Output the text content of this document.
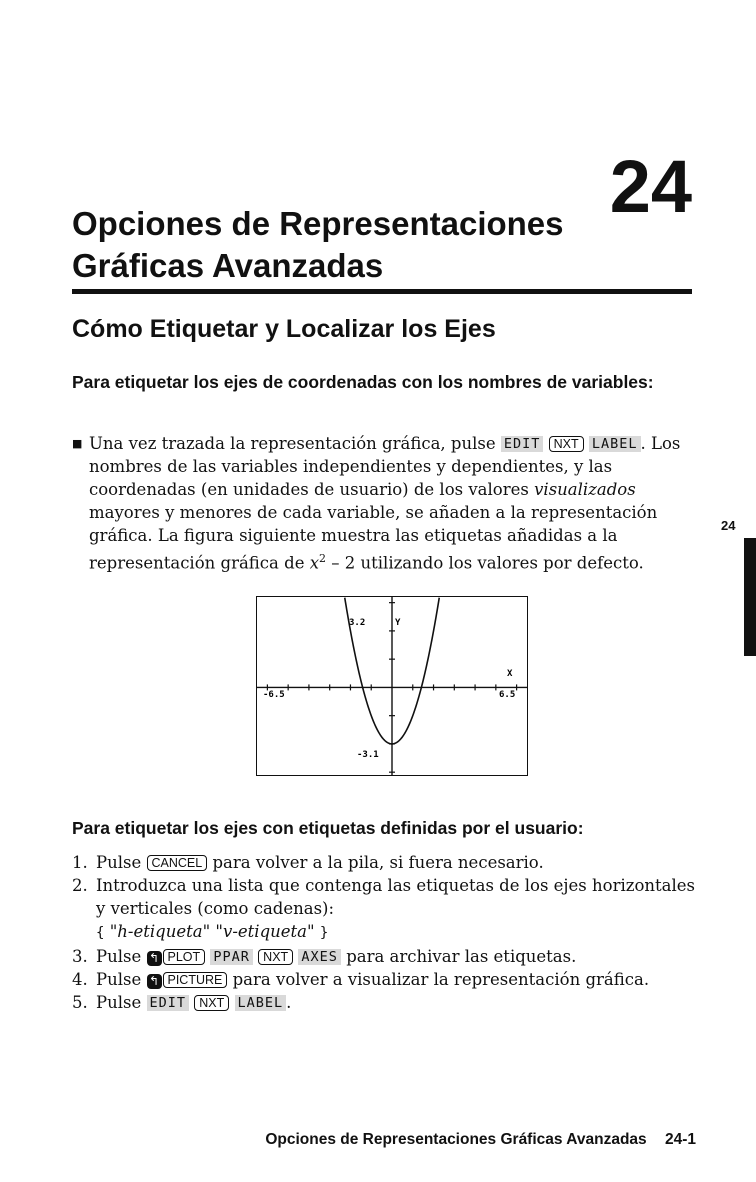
24
Opciones de Representaciones
Gráficas Avanzadas
Cómo Etiquetar y Localizar los Ejes
Para etiquetar los ejes de coordenadas con los nombres de variables:
24
■ Una vez trazada la representación gráfica, pulse EDIT NXT LABEL . Los nombres de las variables independientes y dependientes, y las coordenadas (en unidades de usuario) de los valores visualizados mayores y menores de cada variable, se añaden a la representación gráfica. La figura siguiente muestra las etiquetas añadidas a la representación gráfica de $x^2 - 2$ utilizando los valores por defecto.
3.2	Y
X
-6.5	6.5
-3.1
Para etiquetar los ejes con etiquetas definidas por el usuario:
1. Pulse CANCEL para volver a la pila, si fuera necesario.
2. Introduzca una lista que contenga las etiquetas de los ejes horizontales y verticales (como cadenas):
{ "h-etiqueta" "v-etiqueta" }
3. Pulse ↰ PLOT PPAR NXT AXES para archivar las etiquetas.
4. Pulse ↰ PICTURE para volver a visualizar la representación gráfica.
5. Pulse EDIT NXT LABEL .
Opciones de Representaciones Gráficas Avanzadas 24-1
